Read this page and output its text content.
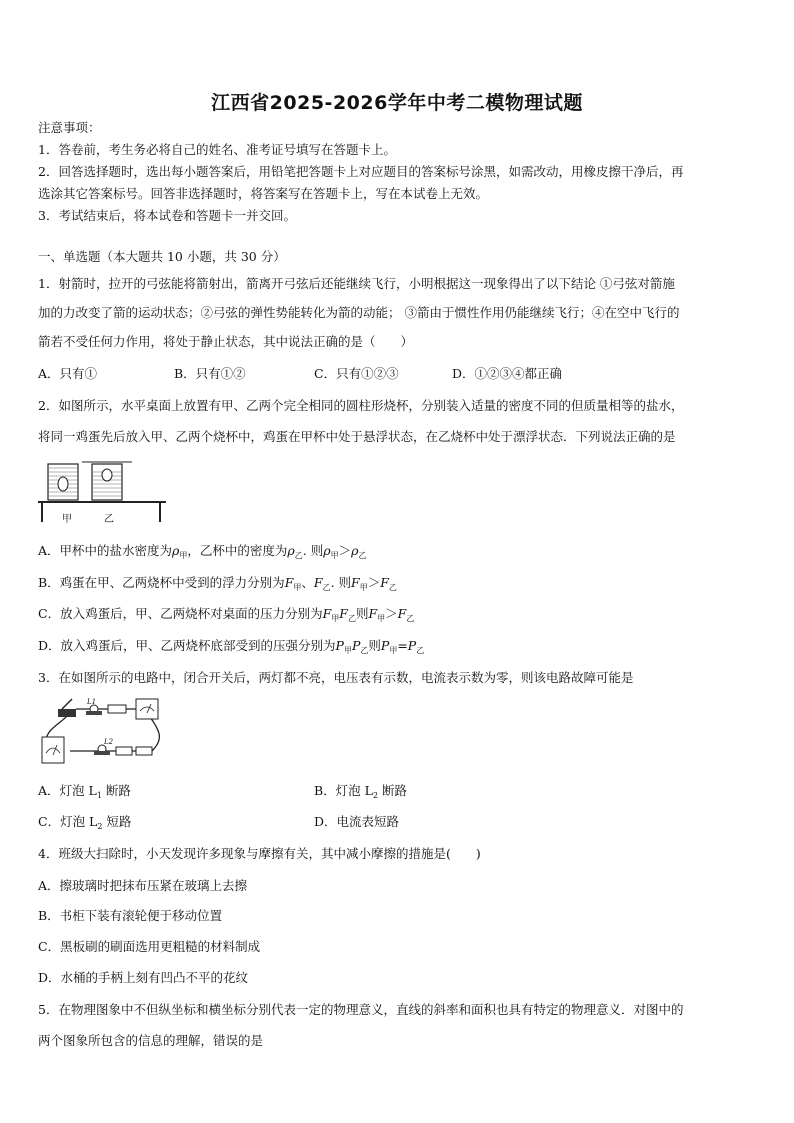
江西省2025-2026学年中考二模物理试题
注意事项：
1．答卷前，考生务必将自己的姓名、准考证号填写在答题卡上。
2．回答选择题时，选出每小题答案后，用铅笔把答题卡上对应题目的答案标号涂黑，如需改动，用橡皮擦干净后，再
选涂其它答案标号。回答非选择题时，将答案写在答题卡上，写在本试卷上无效。
3．考试结束后，将本试卷和答题卡一并交回。
一、单选题（本大题共 10 小题，共 30 分）
1．射箭时，拉开的弓弦能将箭射出，箭离开弓弦后还能继续飞行，小明根据这一现象得出了以下结论 ①弓弦对箭施
加的力改变了箭的运动状态；②弓弦的弹性势能转化为箭的动能； ③箭由于惯性作用仍能继续飞行；④在空中飞行的
箭若不受任何力作用，将处于静止状态，其中说法正确的是（　　）
A．只有①	B．只有①②	C．只有①②③	D．①②③④都正确
2．如图所示，水平桌面上放置有甲、乙两个完全相同的圆柱形烧杯，分别装入适量的密度不同的但质量相等的盐水，
将同一鸡蛋先后放入甲、乙两个烧杯中，鸡蛋在甲杯中处于悬浮状态，在乙烧杯中处于漂浮状态．下列说法正确的是
甲	乙
A．甲杯中的盐水密度为$\rho_甲$，乙杯中的密度为$\rho_乙$. 则$\rho_甲>\rho_乙$
B．鸡蛋在甲、乙两烧杯中受到的浮力分别为$F_甲$、$F_乙$. 则$F_甲>F_乙$
C．放入鸡蛋后，甲、乙两烧杯对桌面的压力分别为$F_甲F_乙$则$F_甲>F_乙$
D．放入鸡蛋后，甲、乙两烧杯底部受到的压强分别为$P_甲P_乙$则$P_甲=P_乙$
3．在如图所示的电路中，闭合开关后，两灯都不亮，电压表有示数，电流表示数为零，则该电路故障可能是
L1
L2
A．灯泡 $L_1$ 断路	B．灯泡 $L_2$ 断路
C．灯泡 $L_2$ 短路	D．电流表短路
4．班级大扫除时，小天发现许多现象与摩擦有关，其中减小摩擦的措施是(　　)
A．擦玻璃时把抹布压紧在玻璃上去擦
B．书柜下装有滚轮便于移动位置
C．黑板刷的刷面选用更粗糙的材料制成
D．水桶的手柄上刻有凹凸不平的花纹
5．在物理图象中不但纵坐标和横坐标分别代表一定的物理意义，直线的斜率和面积也具有特定的物理意义．对图中的
两个图象所包含的信息的理解，错误的是
